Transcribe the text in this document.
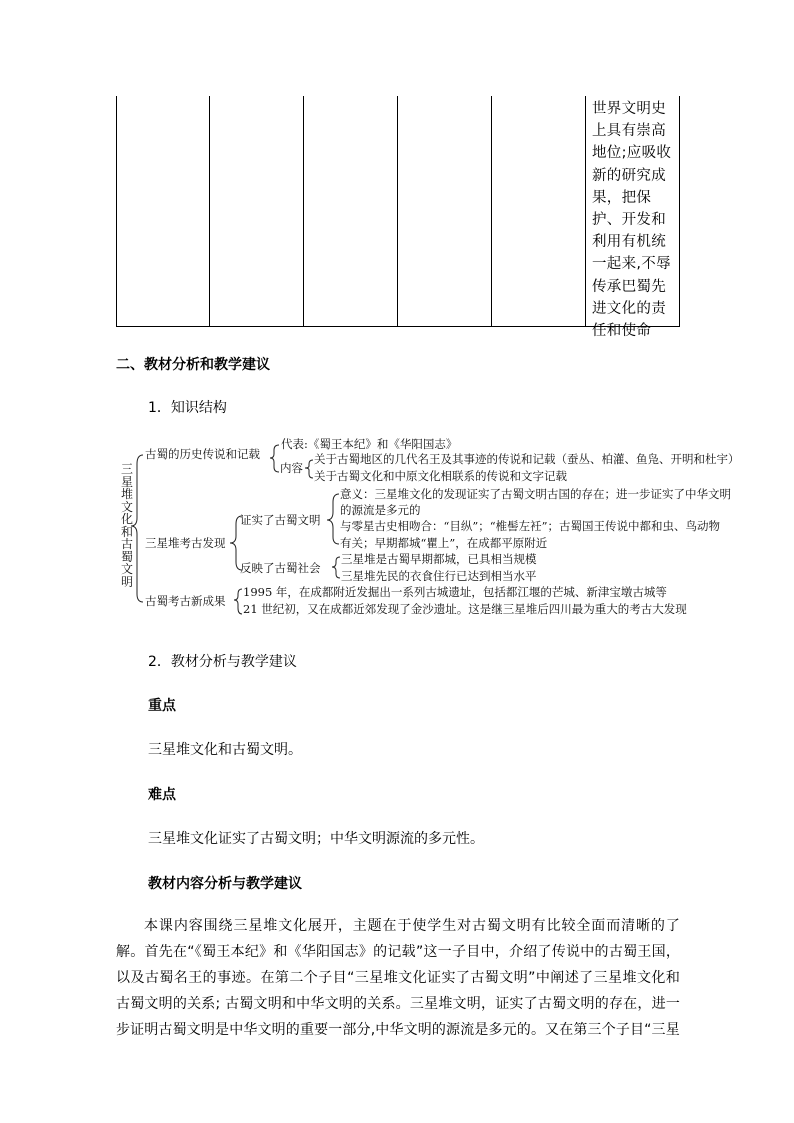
世界文明史上具有崇高地位;应吸收新的研究成果，把保护、开发和利用有机统一起来,不辱传承巴蜀先进文化的责任和使命
二、教材分析和教学建议
1．知识结构
三星堆文化和古蜀文明
古蜀的历史传说和记载
代表:《蜀王本纪》和《华阳国志》
内容
关于古蜀地区的几代名王及其事迹的传说和记载（蚕丛、柏灌、鱼凫、开明和杜宇）
关于古蜀文化和中原文化相联系的传说和文字记载
三星堆考古发现
证实了古蜀文明
意义：三星堆文化的发现证实了古蜀文明古国的存在；进一步证实了中华文明
的源流是多元的
与零星古史相吻合：“目纵”；“椎髻左衽”；古蜀国王传说中都和虫、鸟动物
有关；早期都城“瞿上”，在成都平原附近
反映了古蜀社会
三星堆是古蜀早期都城，已具相当规模
三星堆先民的衣食住行已达到相当水平
古蜀考古新成果
1995 年，在成都附近发掘出一系列古城遗址，包括都江堰的芒城、新津宝墩古城等
21 世纪初，又在成都近郊发现了金沙遗址。这是继三星堆后四川最为重大的考古大发现
2．教材分析与教学建议
重点
三星堆文化和古蜀文明。
难点
三星堆文化证实了古蜀文明；中华文明源流的多元性。
教材内容分析与教学建议
本课内容围绕三星堆文化展开，主题在于使学生对古蜀文明有比较全面而清晰的了解。首先在“《蜀王本纪》和《华阳国志》的记载”这一子目中，介绍了传说中的古蜀王国，以及古蜀名王的事迹。在第二个子目“三星堆文化证实了古蜀文明”中阐述了三星堆文化和古蜀文明的关系; 古蜀文明和中华文明的关系。三星堆文明，证实了古蜀文明的存在，进一步证明古蜀文明是中华文明的重要一部分,中华文明的源流是多元的。又在第三个子目“三星
